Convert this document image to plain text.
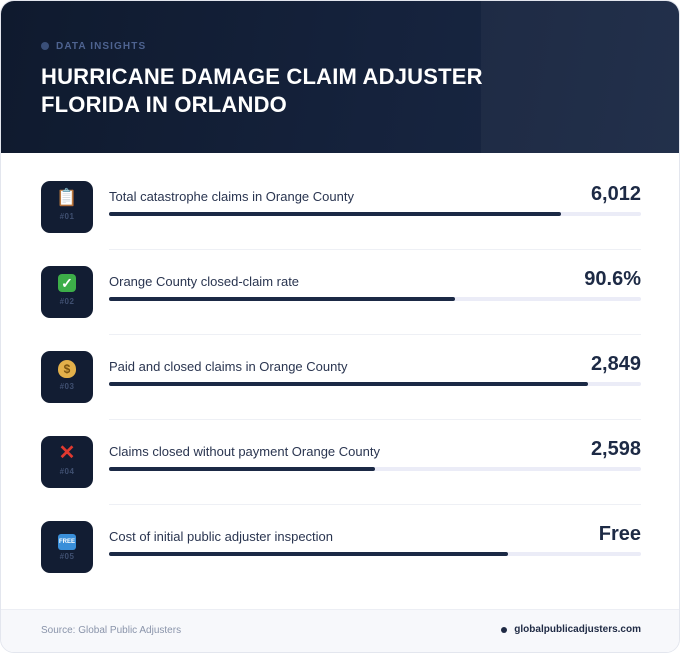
DATA INSIGHTS
HURRICANE DAMAGE CLAIM ADJUSTER
FLORIDA IN ORLANDO
📋
#01
Total catastrophe claims in Orange County	6,012
✓
#02
Orange County closed-claim rate	90.6%
$
#03
Paid and closed claims in Orange County	2,849
✕
#04
Claims closed without payment Orange County	2,598
FREE
#05
Cost of initial public adjuster inspection	Free
Source: Global Public Adjusters	globalpublicadjusters.com
